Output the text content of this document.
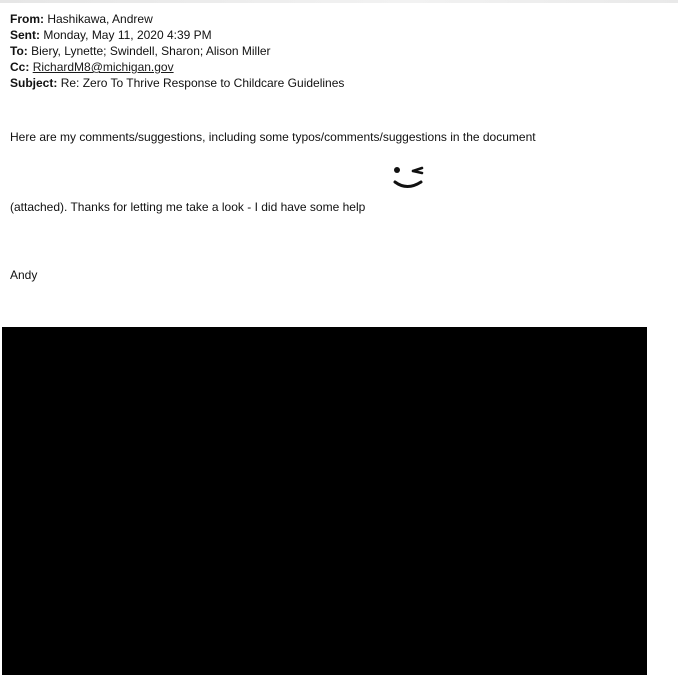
From: Hashikawa, Andrew
Sent: Monday, May 11, 2020 4:39 PM
To: Biery, Lynette; Swindell, Sharon; Alison Miller
Cc: RichardM8@michigan.gov
Subject: Re: Zero To Thrive Response to Childcare Guidelines
Here are my comments/suggestions, including some typos/comments/suggestions in the document
(attached). Thanks for letting me take a look - I did have some help
Andy
